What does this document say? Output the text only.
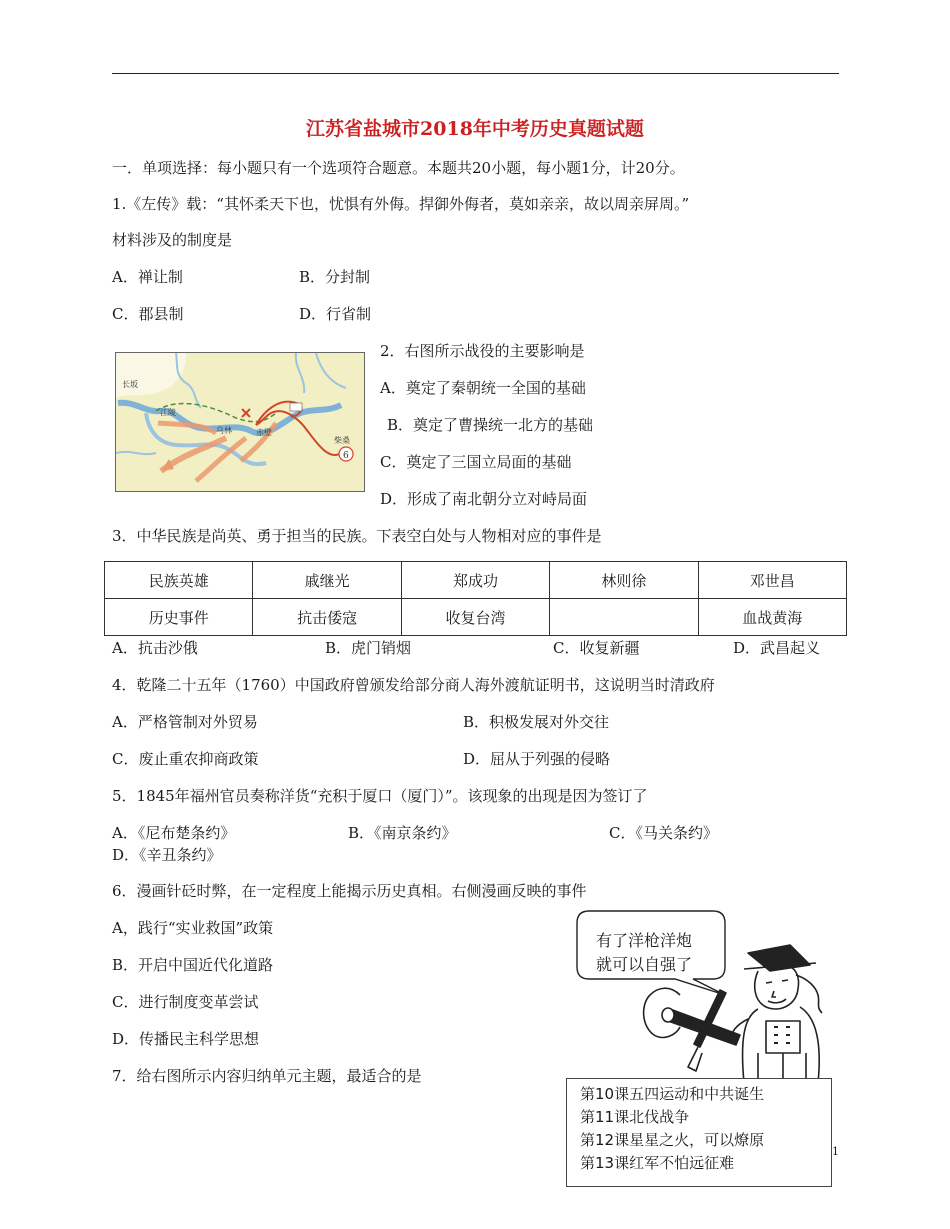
江苏省盐城市2018年中考历史真题试题
一．单项选择：每小题只有一个选项符合题意。本题共20小题，每小题1分，计20分。
1.《左传》载：“其怀柔天下也，忧惧有外侮。捍御外侮者，莫如亲亲，故以周亲屏周。”
材料涉及的制度是
A．禅让制	B．分封制
C．郡县制	D．行省制
6
长坂
江陵
乌林	赤壁
柴桑
2．右图所示战役的主要影响是
A．奠定了秦朝统一全国的基础
B．奠定了曹操统一北方的基础
C．奠定了三国立局面的基础
D．形成了南北朝分立对峙局面
3．中华民族是尚英、勇于担当的民族。下表空白处与人物相对应的事件是
民族英雄	戚继光	郑成功	林则徐	邓世昌
历史事件	抗击倭寇	收复台湾		血战黄海
A．抗击沙俄	B．虎门销烟	C．收复新疆	D．武昌起义
4．乾隆二十五年（1760）中国政府曾颁发给部分商人海外渡航证明书，这说明当时清政府
A．严格管制对外贸易	B．积极发展对外交往
C．废止重农抑商政策	D．屈从于列强的侵略
5．1845年福州官员奏称洋货“充积于厦口（厦门）”。该现象的出现是因为签订了
A．《尼布楚条约》	B．《南京条约》	C．《马关条约》
D．《辛丑条约》
6．漫画针砭时弊，在一定程度上能揭示历史真相。右侧漫画反映的事件
A，践行“实业救国”政策
B．开启中国近代化道路
C．进行制度变革尝试
D．传播民主科学思想
有了洋枪洋炮
就可以自强了
7．给右图所示内容归纳单元主题，最适合的是
第10课五四运动和中共诞生
第11课北伐战争
第12课星星之火，可以燎原
第13课红军不怕远征难
1
